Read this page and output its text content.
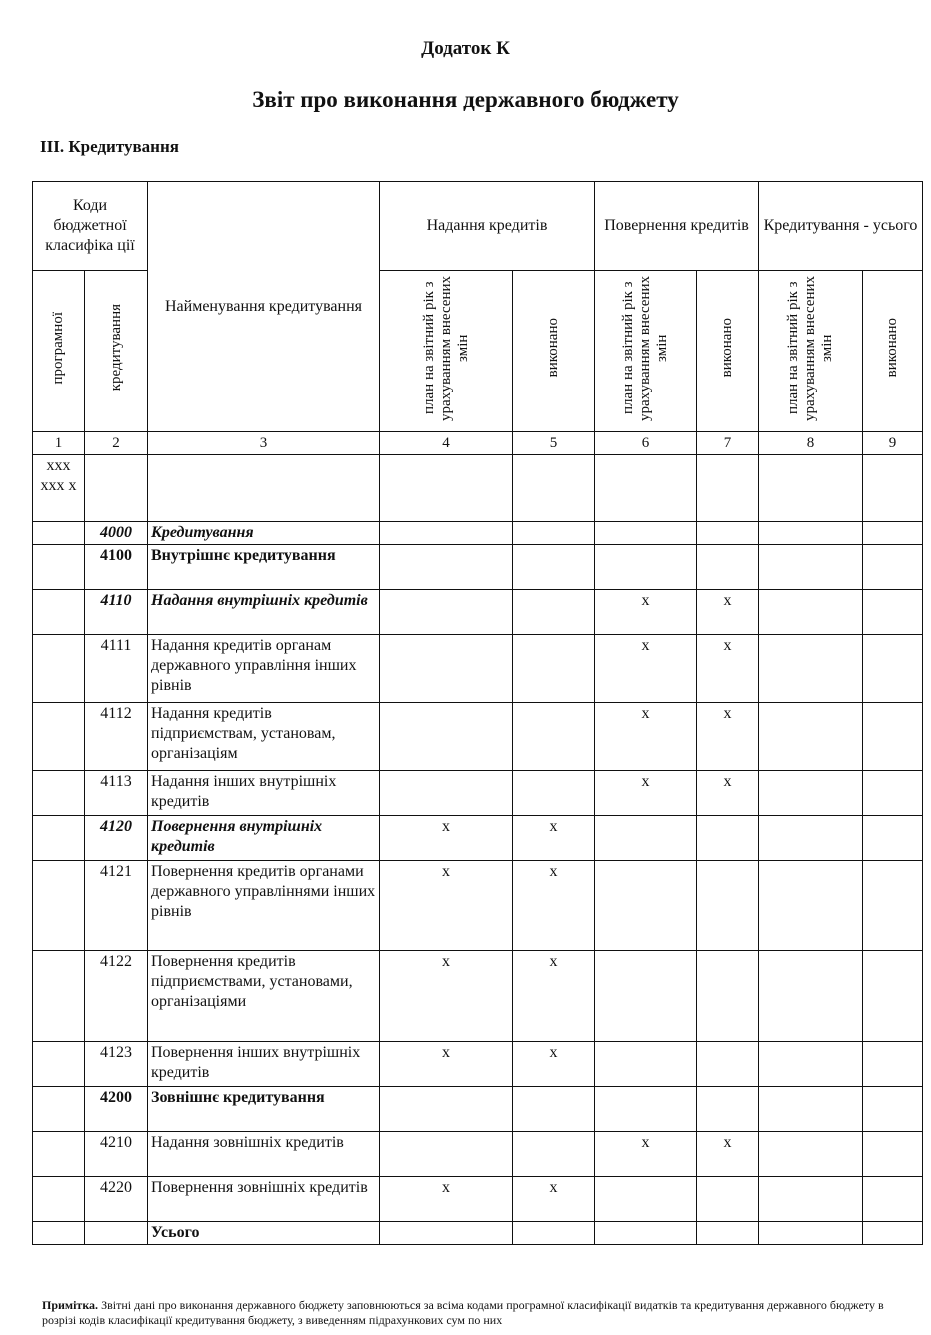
Додаток К
Звіт про виконання державного бюджету
ІІІ. Кредитування
Коди бюджетної класифіка ції		Найменування кредитування	Надання кредитів		Повернення кредитів		Кредитування - усього	
програмної	кредитування		план на звітний рік з урахуванням внесених змін	виконано	план на звітний рік з урахуванням внесених змін	виконано	план на звітний рік з урахуванням внесених змін	виконано
1	2	3	4	5	6	7	8	9
ххх ххх х								
	4000	Кредитування						
	4100	Внутрішнє кредитування						
	4110	Надання внутрішніх кредитів			x	x		
	4111	Надання кредитів органам державного управління інших рівнів			x	x		
	4112	Надання кредитів підприємствам, установам, організаціям			x	x		
	4113	Надання інших внутрішніх кредитів			x	x		
	4120	Повернення внутрішніх кредитів	x	x				
	4121	Повернення кредитів органами державного управліннями інших рівнів	x	x				
	4122	Повернення кредитів підприємствами, установами, організаціями	x	x				
	4123	Повернення інших внутрішніх кредитів	x	x				
	4200	Зовнішнє кредитування						
	4210	Надання зовнішніх кредитів			x	x		
	4220	Повернення зовнішніх кредитів	x	x				
		Усього						
Примітка. Звітні дані про виконання державного бюджету заповнюються за всіма кодами програмної класифікації видатків та кредитування державного бюджету в розрізі кодів класифікації кредитування бюджету, з виведенням підрахункових сум по них
